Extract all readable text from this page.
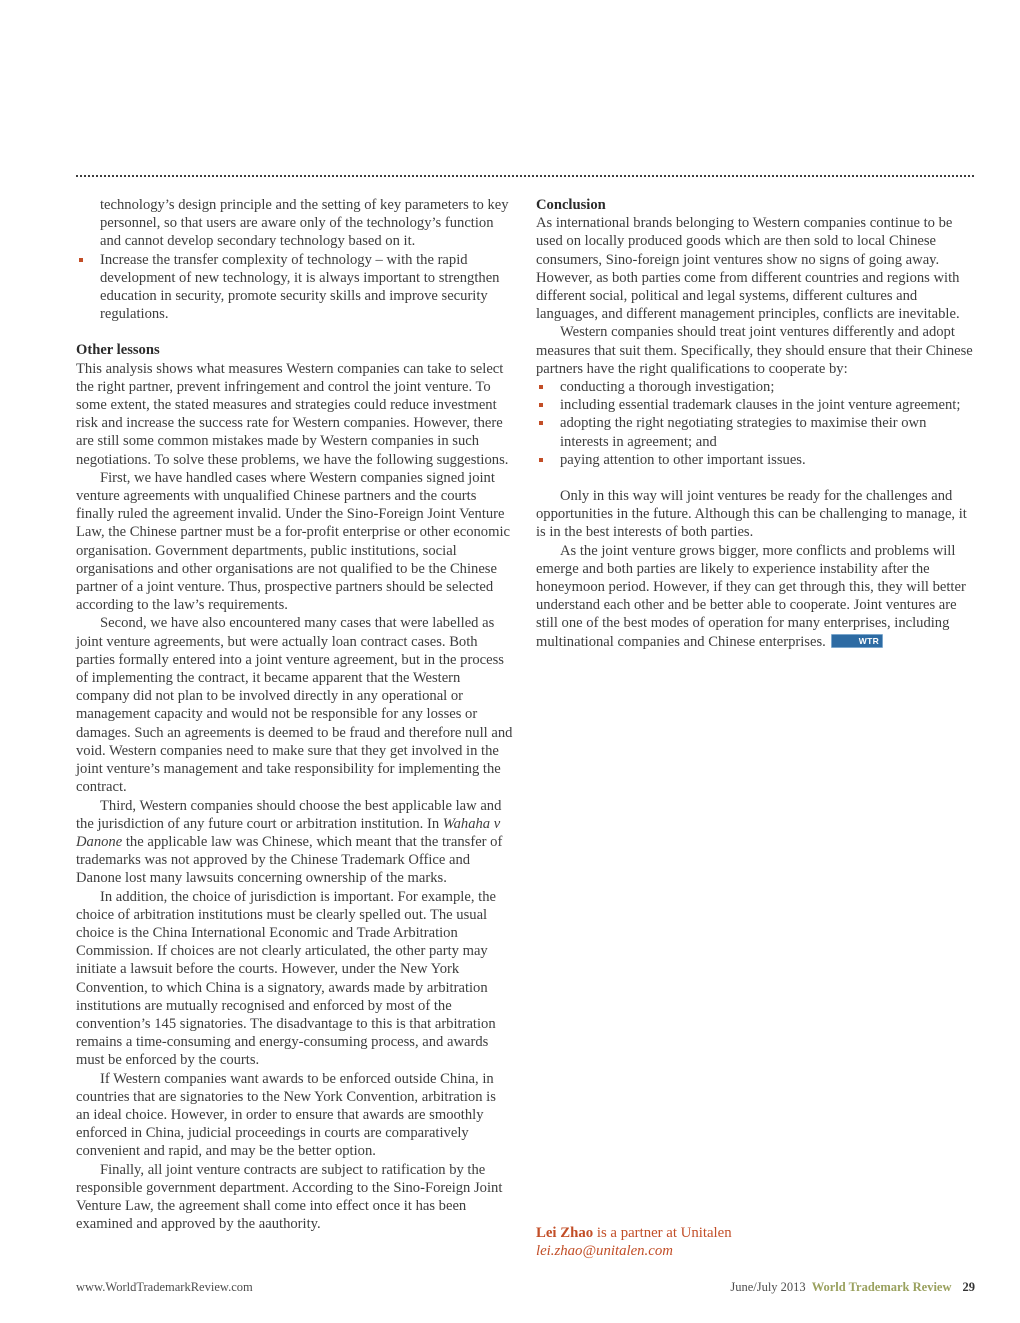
technology’s design principle and the setting of key parameters to key personnel, so that users are aware only of the technology’s function and cannot develop secondary technology based on it.
Increase the transfer complexity of technology – with the rapid development of new technology, it is always important to strengthen education in security, promote security skills and improve security regulations.
Other lessons
This analysis shows what measures Western companies can take to select the right partner, prevent infringement and control the joint venture. To some extent, the stated measures and strategies could reduce investment risk and increase the success rate for Western companies. However, there are still some common mistakes made by Western companies in such negotiations. To solve these problems, we have the following suggestions.
First, we have handled cases where Western companies signed joint venture agreements with unqualified Chinese partners and the courts finally ruled the agreement invalid. Under the Sino-Foreign Joint Venture Law, the Chinese partner must be a for-profit enterprise or other economic organisation. Government departments, public institutions, social organisations and other organisations are not qualified to be the Chinese partner of a joint venture. Thus, prospective partners should be selected according to the law’s requirements.
Second, we have also encountered many cases that were labelled as joint venture agreements, but were actually loan contract cases. Both parties formally entered into a joint venture agreement, but in the process of implementing the contract, it became apparent that the Western company did not plan to be involved directly in any operational or management capacity and would not be responsible for any losses or damages. Such an agreements is deemed to be fraud and therefore null and void. Western companies need to make sure that they get involved in the joint venture’s management and take responsibility for implementing the contract.
Third, Western companies should choose the best applicable law and the jurisdiction of any future court or arbitration institution. In Wahaha v Danone the applicable law was Chinese, which meant that the transfer of trademarks was not approved by the Chinese Trademark Office and Danone lost many lawsuits concerning ownership of the marks.
In addition, the choice of jurisdiction is important. For example, the choice of arbitration institutions must be clearly spelled out. The usual choice is the China International Economic and Trade Arbitration Commission. If choices are not clearly articulated, the other party may initiate a lawsuit before the courts. However, under the New York Convention, to which China is a signatory, awards made by arbitration institutions are mutually recognised and enforced by most of the convention’s 145 signatories. The disadvantage to this is that arbitration remains a time-consuming and energy-consuming process, and awards must be enforced by the courts.
If Western companies want awards to be enforced outside China, in countries that are signatories to the New York Convention, arbitration is an ideal choice. However, in order to ensure that awards are smoothly enforced in China, judicial proceedings in courts are comparatively convenient and rapid, and may be the better option.
Finally, all joint venture contracts are subject to ratification by the responsible government department. According to the Sino-Foreign Joint Venture Law, the agreement shall come into effect once it has been examined and approved by the aauthority.
Conclusion
As international brands belonging to Western companies continue to be used on locally produced goods which are then sold to local Chinese consumers, Sino-foreign joint ventures show no signs of going away. However, as both parties come from different countries and regions with different social, political and legal systems, different cultures and languages, and different management principles, conflicts are inevitable.
Western companies should treat joint ventures differently and adopt measures that suit them. Specifically, they should ensure that their Chinese partners have the right qualifications to cooperate by:
conducting a thorough investigation;
including essential trademark clauses in the joint venture agreement;
adopting the right negotiating strategies to maximise their own interests in agreement; and
paying attention to other important issues.
Only in this way will joint ventures be ready for the challenges and opportunities in the future. Although this can be challenging to manage, it is in the best interests of both parties.
As the joint venture grows bigger, more conflicts and problems will emerge and both parties are likely to experience instability after the honeymoon period. However, if they can get through this, they will better understand each other and be better able to cooperate. Joint ventures are still one of the best modes of operation for many enterprises, including multinational companies and Chinese enterprises.	WTR
Lei Zhao is a partner at Unitalen
lei.zhao@unitalen.com
www.WorldTrademarkReview.com	June/July 2013 World Trademark Review 29
